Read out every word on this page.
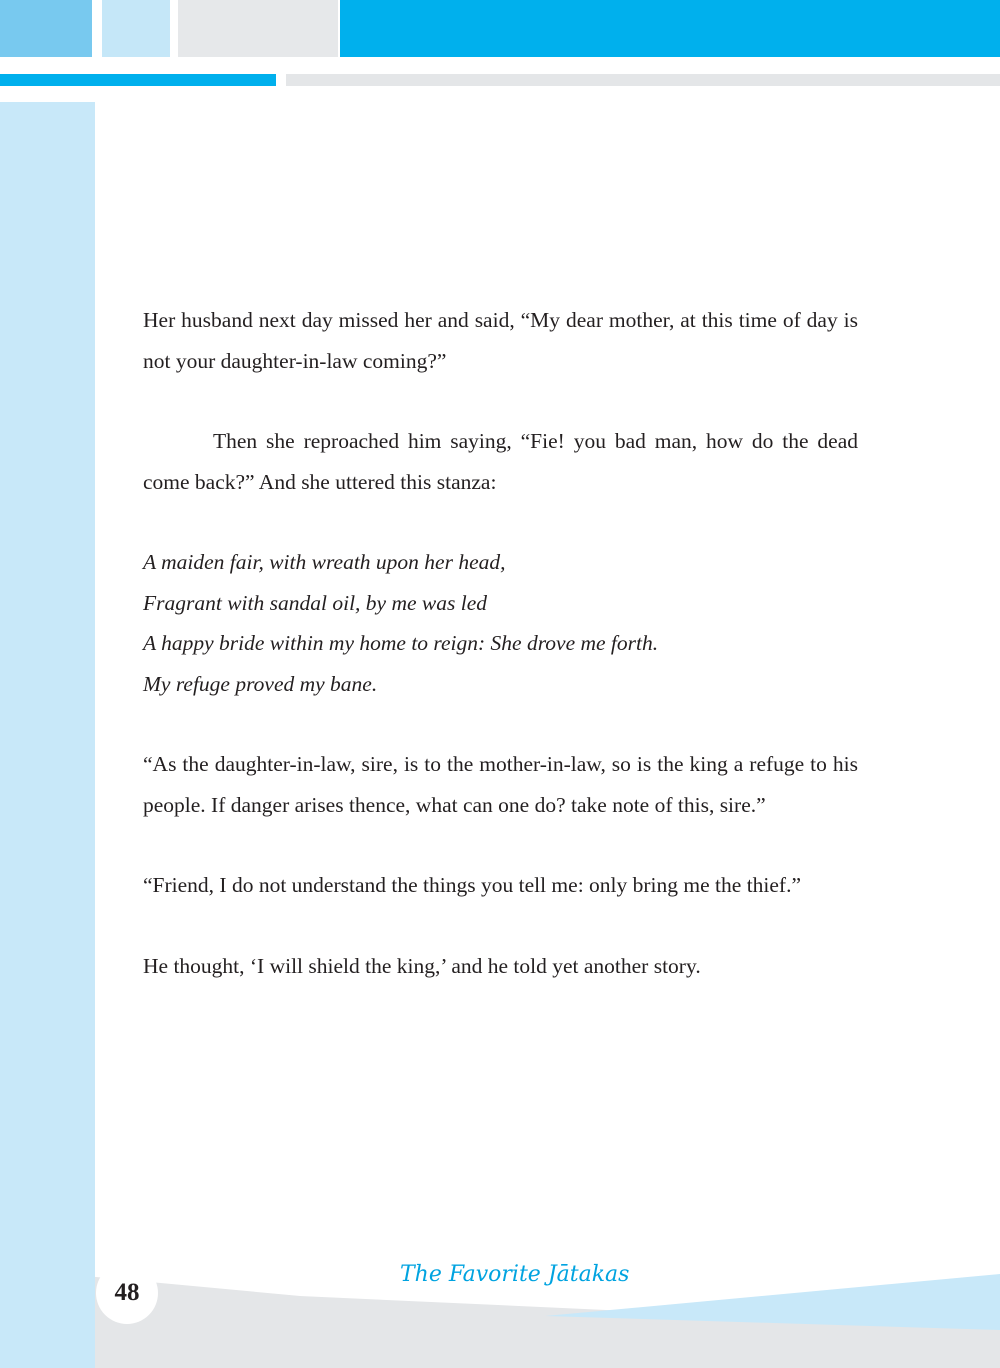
Her husband next day missed her and said, “My dear mother, at this time of day is not your daughter-in-law coming?”

Then she reproached him saying, “Fie! you bad man, how do the dead come back?” And she uttered this stanza:

A maiden fair, with wreath upon her head,
Fragrant with sandal oil, by me was led
A happy bride within my home to reign: She drove me forth.
My refuge proved my bane.

“As the daughter-in-law, sire, is to the mother-in-law, so is the king a refuge to his people. If danger arises thence, what can one do? take note of this, sire.”

“Friend, I do not understand the things you tell me: only bring me the thief.”

He thought, ‘I will shield the king,’ and he told yet another story.

48
The Favorite Jātakas
